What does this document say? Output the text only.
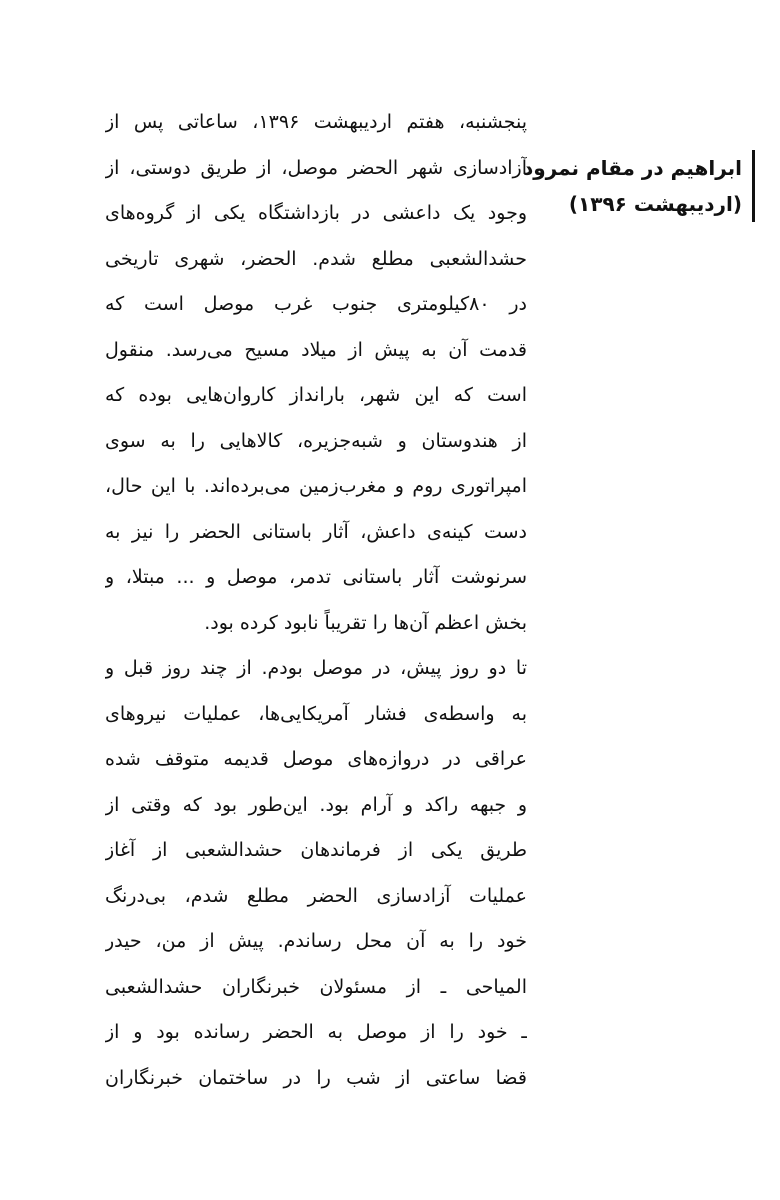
ابراهیم در مقام نمرود
(اردیبهشت ۱۳۹۶)
پنجشنبه، هفتم اردیبهشت ۱۳۹۶، ساعاتی پس از
آزادسازی شهر الحضر موصل، از طریق دوستی، از
وجود یک داعشی در بازداشتگاه یکی از گروه‌های
حشدالشعبی مطلع شدم. الحضر، شهری تاریخی
در ۸۰کیلومتری جنوب غرب موصل است که
قدمت آن به پیش از میلاد مسیح می‌رسد. منقول
است که این شهر، بارانداز کاروان‌هایی بوده که
از هندوستان و شبه‌جزیره، کالاهایی را به سوی
امپراتوری روم و مغرب‌زمین می‌برده‌اند. با این حال،
دست کینه‌ی داعش، آثار باستانی الحضر را نیز به
سرنوشت آثار باستانی تدمر، موصل و ... مبتلا، و
بخش اعظم آن‌ها را تقریباً نابود کرده بود.
تا دو روز پیش، در موصل بودم. از چند روز قبل و
به واسطه‌ی فشار آمریکایی‌ها، عملیات نیروهای
عراقی در دروازه‌های موصل قدیمه متوقف شده
و جبهه راکد و آرام بود. این‌طور بود که وقتی از
طریق یکی از فرماندهان حشدالشعبی از آغاز
عملیات آزادسازی الحضر مطلع شدم، بی‌درنگ
خود را به آن محل رساندم. پیش از من، حیدر
المیاحی ـ از مسئولان خبرنگاران حشدالشعبی
ـ خود را از موصل به الحضر رسانده بود و از
قضا ساعتی از شب را در ساختمان خبرنگاران
